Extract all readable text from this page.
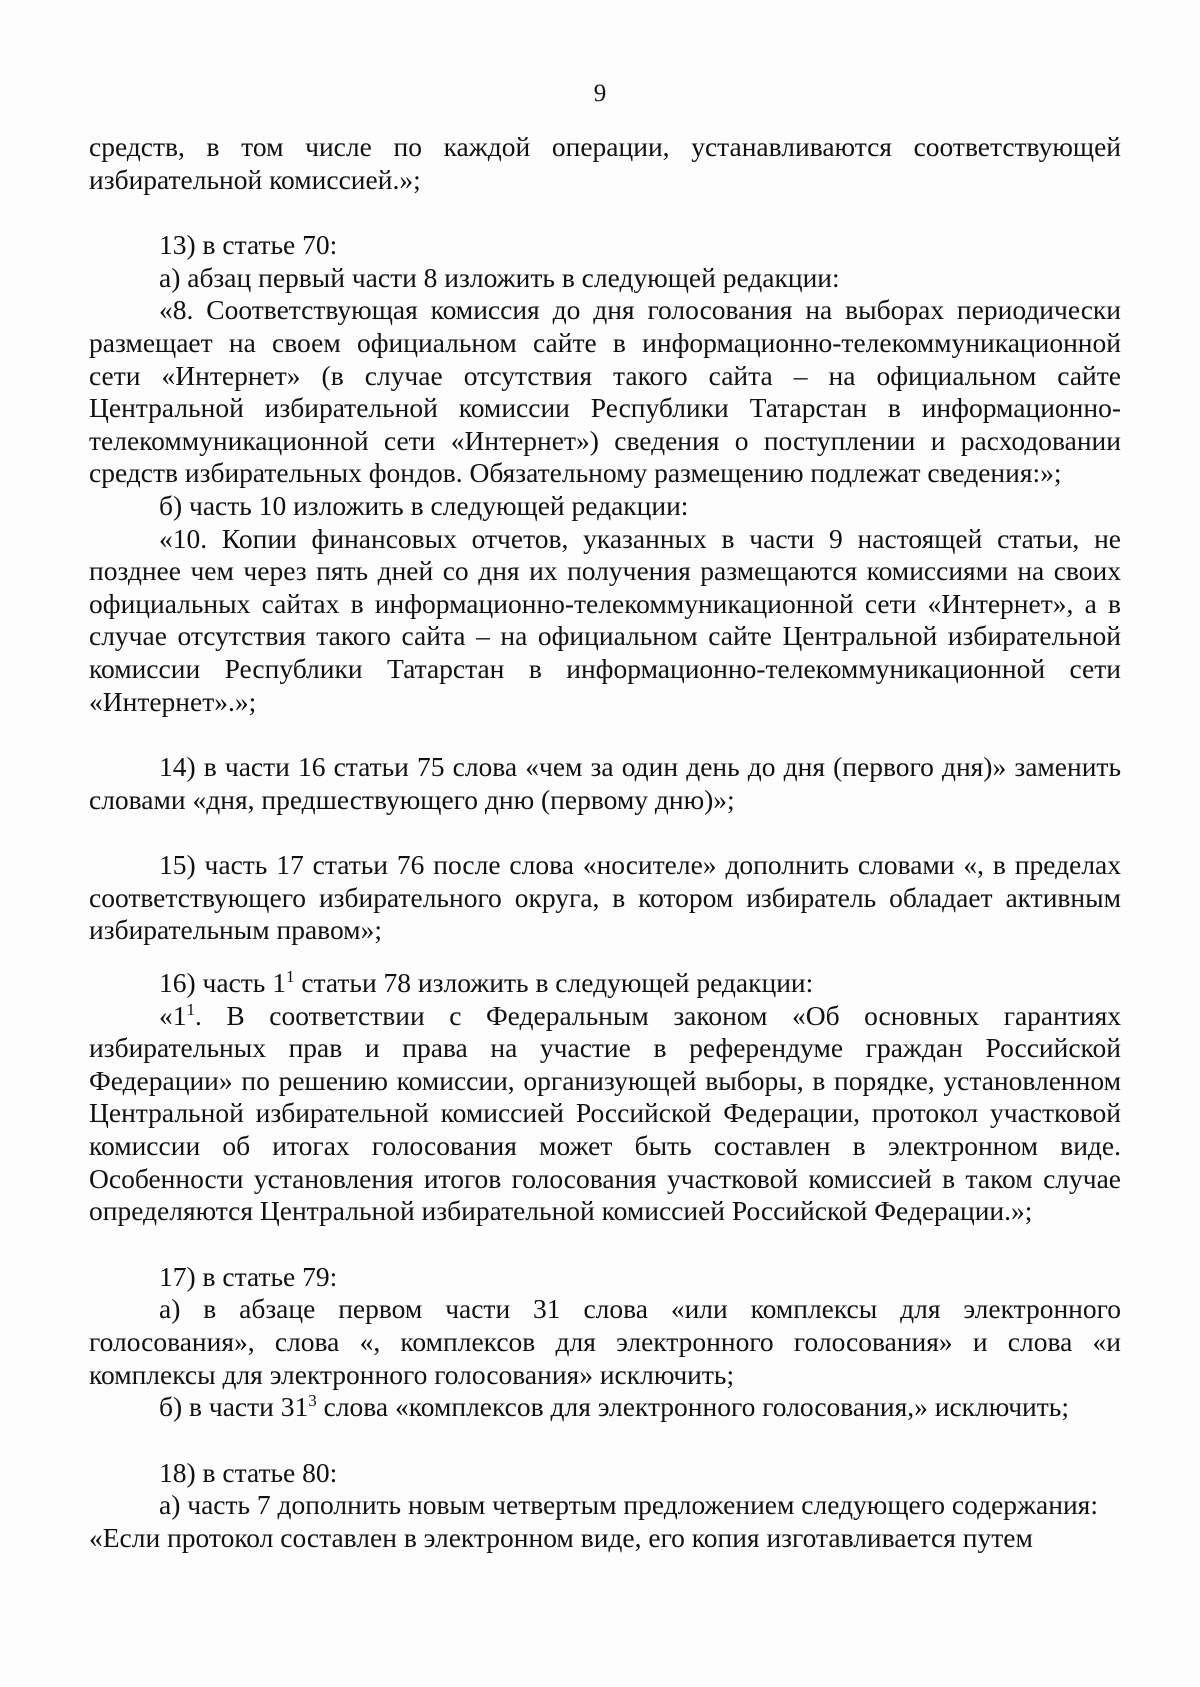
9

средств, в том числе по каждой операции, устанавливаются соответствующей избирательной комиссией.»;

13) в статье 70:

а) абзац первый части 8 изложить в следующей редакции:

«8. Соответствующая комиссия до дня голосования на выборах периодически размещает на своем официальном сайте в информационно-телекоммуникационной сети «Интернет» (в случае отсутствия такого сайта – на официальном сайте Центральной избирательной комиссии Республики Татарстан в информационно-телекоммуникационной сети «Интернет») сведения о поступлении и расходовании средств избирательных фондов. Обязательному размещению подлежат сведения:»;

б) часть 10 изложить в следующей редакции:

«10. Копии финансовых отчетов, указанных в части 9 настоящей статьи, не позднее чем через пять дней со дня их получения размещаются комиссиями на своих официальных сайтах в информационно-телекоммуникационной сети «Интернет», а в случае отсутствия такого сайта – на официальном сайте Центральной избирательной комиссии Республики Татарстан в информационно-телекоммуникационной сети «Интернет».»;

14) в части 16 статьи 75 слова «чем за один день до дня (первого дня)» заменить словами «дня, предшествующего дню (первому дню)»;

15) часть 17 статьи 76 после слова «носителе» дополнить словами «, в пределах соответствующего избирательного округа, в котором избиратель обладает активным избирательным правом»;

16) часть $1^1$ статьи 78 изложить в следующей редакции:

«$1^1$. В соответствии с Федеральным законом «Об основных гарантиях избирательных прав и права на участие в референдуме граждан Российской Федерации» по решению комиссии, организующей выборы, в порядке, установленном Центральной избирательной комиссией Российской Федерации, протокол участковой комиссии об итогах голосования может быть составлен в электронном виде. Особенности установления итогов голосования участковой комиссией в таком случае определяются Центральной избирательной комиссией Российской Федерации.»;

17) в статье 79:

а) в абзаце первом части 31 слова «или комплексы для электронного голосования», слова «, комплексов для электронного голосования» и слова «и комплексы для электронного голосования» исключить;

б) в части $31^3$ слова «комплексов для электронного голосования,» исключить;

18) в статье 80:

а) часть 7 дополнить новым четвертым предложением следующего содержания:

«Если протокол составлен в электронном виде, его копия изготавливается путем
